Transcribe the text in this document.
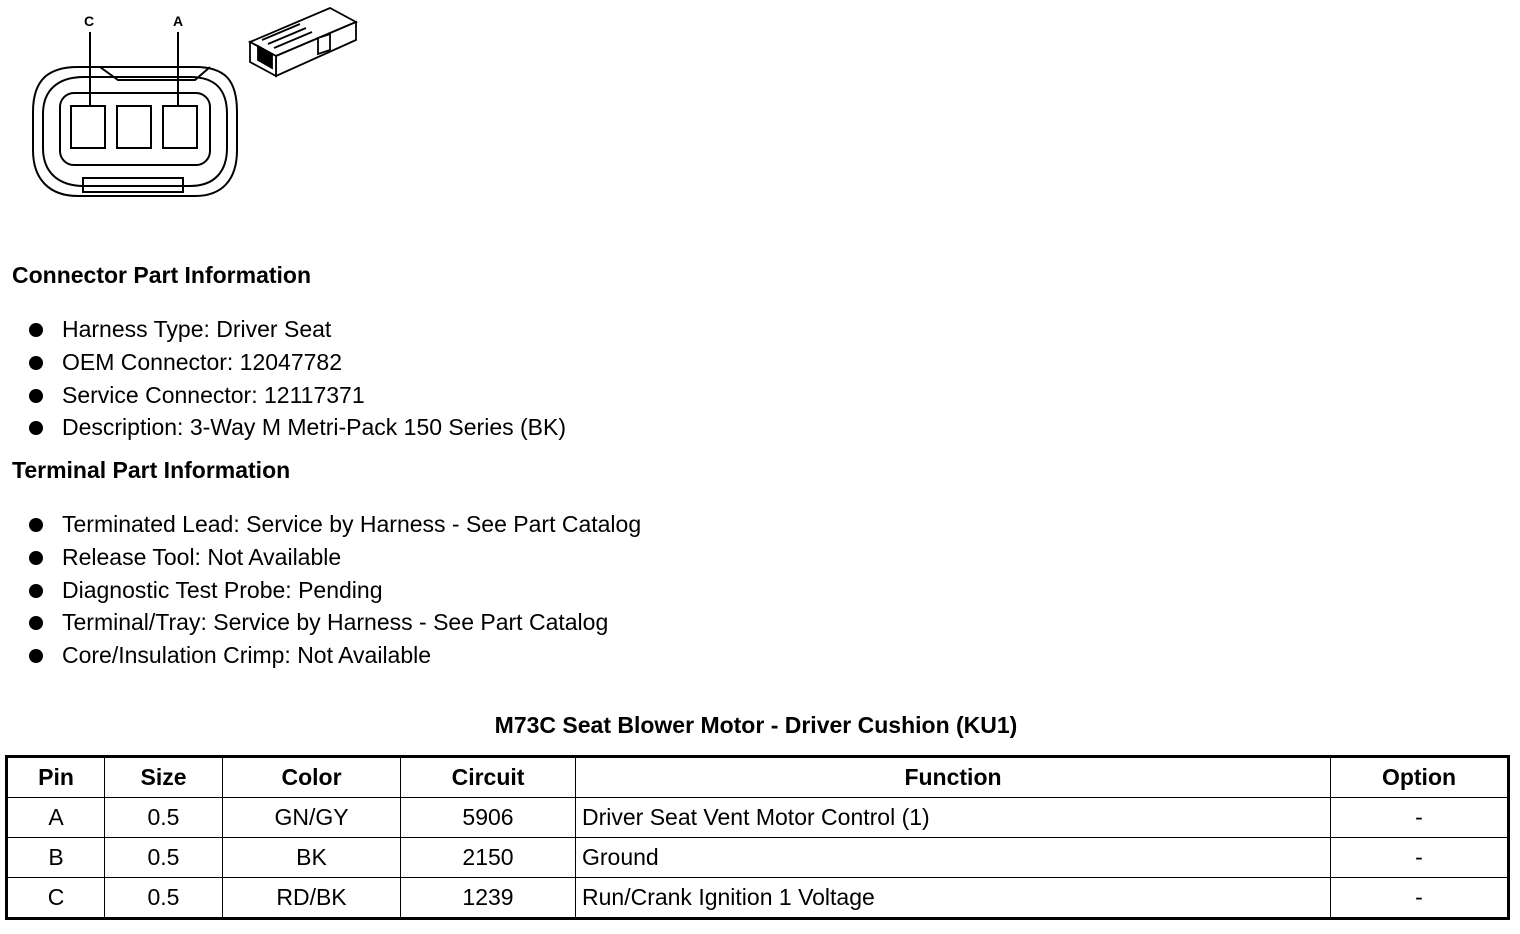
C	A
Connector Part Information
Harness Type: Driver Seat
OEM Connector: 12047782
Service Connector: 12117371
Description: 3-Way M Metri-Pack 150 Series (BK)
Terminal Part Information
Terminated Lead: Service by Harness - See Part Catalog
Release Tool: Not Available
Diagnostic Test Probe: Pending
Terminal/Tray: Service by Harness - See Part Catalog
Core/Insulation Crimp: Not Available
M73C Seat Blower Motor - Driver Cushion (KU1)
Pin	Size	Color	Circuit	Function	Option
A	0.5	GN/GY	5906	Driver Seat Vent Motor Control (1)	-
B	0.5	BK	2150	Ground	-
C	0.5	RD/BK	1239	Run/Crank Ignition 1 Voltage	-
